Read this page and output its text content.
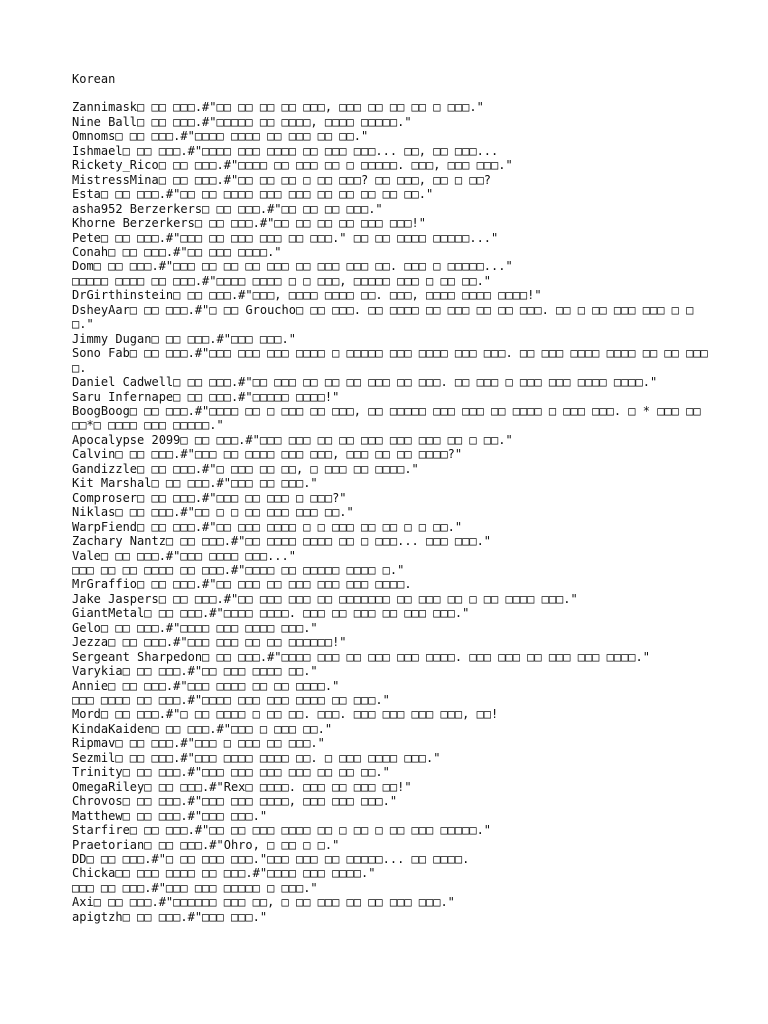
Korean
Zannimask□ □□ □□□.#"□□ □□ □□ □□ □□□, □□□ □□ □□ □□ □ □□□."
Nine Ball□ □□ □□□.#"□□□□□ □□ □□□□, □□□□ □□□□□."
Omnoms□ □□ □□□.#"□□□□ □□□□ □□ □□□ □□ □□."
Ishmael□ □□ □□□.#"□□□□ □□□ □□□□ □□ □□□ □□□... □□, □□ □□□...
Rickety_Rico□ □□ □□□.#"□□□□ □□ □□□ □□ □ □□□□□. □□□, □□□ □□□."
MistressMina□ □□ □□□.#"□□ □□ □□ □ □□ □□□? □□ □□□, □□ □ □□?
Esta□ □□ □□□.#"□□ □□ □□□□ □□□ □□□ □□ □□ □□ □□ □□."
asha952 Berzerkers□ □□ □□□.#"□□ □□ □□ □□□."
Khorne Berzerkers□ □□ □□□.#"□□ □□ □□ □□ □□□ □□□!"
Pete□ □□ □□□.#"□□□ □□ □□□ □□□ □□ □□□." □□ □□ □□□□ □□□□□..."
Conah□ □□ □□□.#"□□ □□□ □□□□."
Dom□ □□ □□□.#"□□□ □□ □□ □□ □□□ □□ □□□ □□□ □□. □□□ □ □□□□□..."
□□□□□ □□□□ □□ □□□.#"□□□□ □□□□ □ □ □□□, □□□□□ □□□ □ □□ □□."
DrGirthinstein□ □□ □□□.#"□□□, □□□□ □□□□ □□. □□□, □□□□ □□□□ □□□□!"
DsheyAar□ □□ □□□.#"□ □□ Groucho□ □□ □□□. □□ □□□□ □□ □□□ □□ □□ □□□. □□ □ □□ □□□ □□□ □ □□."
Jimmy Dugan□ □□ □□□.#"□□□ □□□."
Sono Fab□ □□ □□□.#"□□□ □□□ □□□ □□□□ □ □□□□□ □□□ □□□□ □□□ □□□. □□ □□□ □□□□ □□□□ □□ □□ □□□□.
Daniel Cadwell□ □□ □□□.#"□□ □□□ □□ □□ □□ □□□ □□ □□□. □□ □□□ □ □□□ □□□ □□□□ □□□□."
Saru Infernape□ □□ □□□.#"□□□□□ □□□□!"
BoogBoog□ □□ □□□.#"□□□□ □□ □ □□□ □□ □□□, □□ □□□□□ □□□ □□□ □□ □□□□ □ □□□ □□□. □ * □□□ □□ □□*□ □□□□ □□□ □□□□□."
Apocalypse 2099□ □□ □□□.#"□□□ □□□ □□ □□ □□□ □□□ □□□ □□ □ □□."
Calvin□ □□ □□□.#"□□□ □□ □□□□ □□□ □□□, □□□ □□ □□ □□□□?"
Gandizzle□ □□ □□□.#"□ □□□ □□ □□, □ □□□ □□ □□□□."
Kit Marshal□ □□ □□□.#"□□□ □□ □□□."
Comproser□ □□ □□□.#"□□□ □□ □□□ □ □□□?"
Niklas□ □□ □□□.#"□□ □ □ □□ □□□ □□□ □□."
WarpFiend□ □□ □□□.#"□□ □□□ □□□□ □ □ □□□ □□ □□ □ □ □□."
Zachary Nantz□ □□ □□□.#"□□ □□□□ □□□□ □□ □ □□□... □□□ □□□."
Vale□ □□ □□□.#"□□□ □□□□ □□□..."
□□□ □□ □□ □□□□ □□ □□□.#"□□□□ □□ □□□□□ □□□□ □."
MrGraffio□ □□ □□□.#"□□ □□□ □□ □□□ □□□ □□□ □□□□.
Jake Jaspers□ □□ □□□.#"□□ □□□ □□□ □□ □□□□□□□ □□ □□□ □□ □ □□ □□□□ □□□."
GiantMetal□ □□ □□□.#"□□□□ □□□□. □□□ □□ □□□ □□ □□□ □□□."
Gelo□ □□ □□□.#"□□□□ □□□ □□□□ □□□."
Jezza□ □□ □□□.#"□□□ □□□ □□ □□ □□□□□□!"
Sergeant Sharpedon□ □□ □□□.#"□□□□ □□□ □□ □□□ □□□ □□□□. □□□ □□□ □□ □□□ □□□ □□□□."
Varykia□ □□ □□□.#"□□ □□□ □□□□ □□."
Annie□ □□ □□□.#"□□□ □□□□ □□ □□ □□□□."
□□□ □□□□ □□ □□□.#"□□□□ □□□ □□□ □□□□ □□ □□□."
Mord□ □□ □□□.#"□ □□ □□□□ □ □□ □□. □□□. □□□ □□□ □□□ □□□, □□!
KindaKaiden□ □□ □□□.#"□□□ □ □□□ □□."
Ripmav□ □□ □□□.#"□□□ □ □□□ □□ □□□."
Sezmil□ □□ □□□.#"□□□ □□□□ □□□□ □□. □ □□□ □□□□ □□□."
Trinity□ □□ □□□.#"□□□ □□□ □□□ □□□ □□ □□ □□."
OmegaRiley□ □□ □□□.#"Rex□ □□□□. □□□ □□ □□□ □□!"
Chrovos□ □□ □□□.#"□□□ □□□ □□□□, □□□ □□□ □□□."
Matthew□ □□ □□□.#"□□□ □□□."
Starfire□ □□ □□□.#"□□ □□ □□□ □□□□ □□ □ □□ □ □□ □□□ □□□□□."
Praetorian□ □□ □□□.#"Ohro, □ □□ □ □."
DD□ □□ □□□.#"□ □□ □□□ □□□."□□□ □□□ □□ □□□□□... □□ □□□□.
Chicka□□ □□□ □□□□ □□ □□□.#"□□□□ □□□ □□□□."
□□□ □□ □□□.#"□□□ □□□ □□□□□ □ □□□."
Axi□ □□ □□□.#"□□□□□□ □□□ □□, □ □□ □□□ □□ □□ □□□ □□□."
apigtzh□ □□ □□□.#"□□□ □□□."
